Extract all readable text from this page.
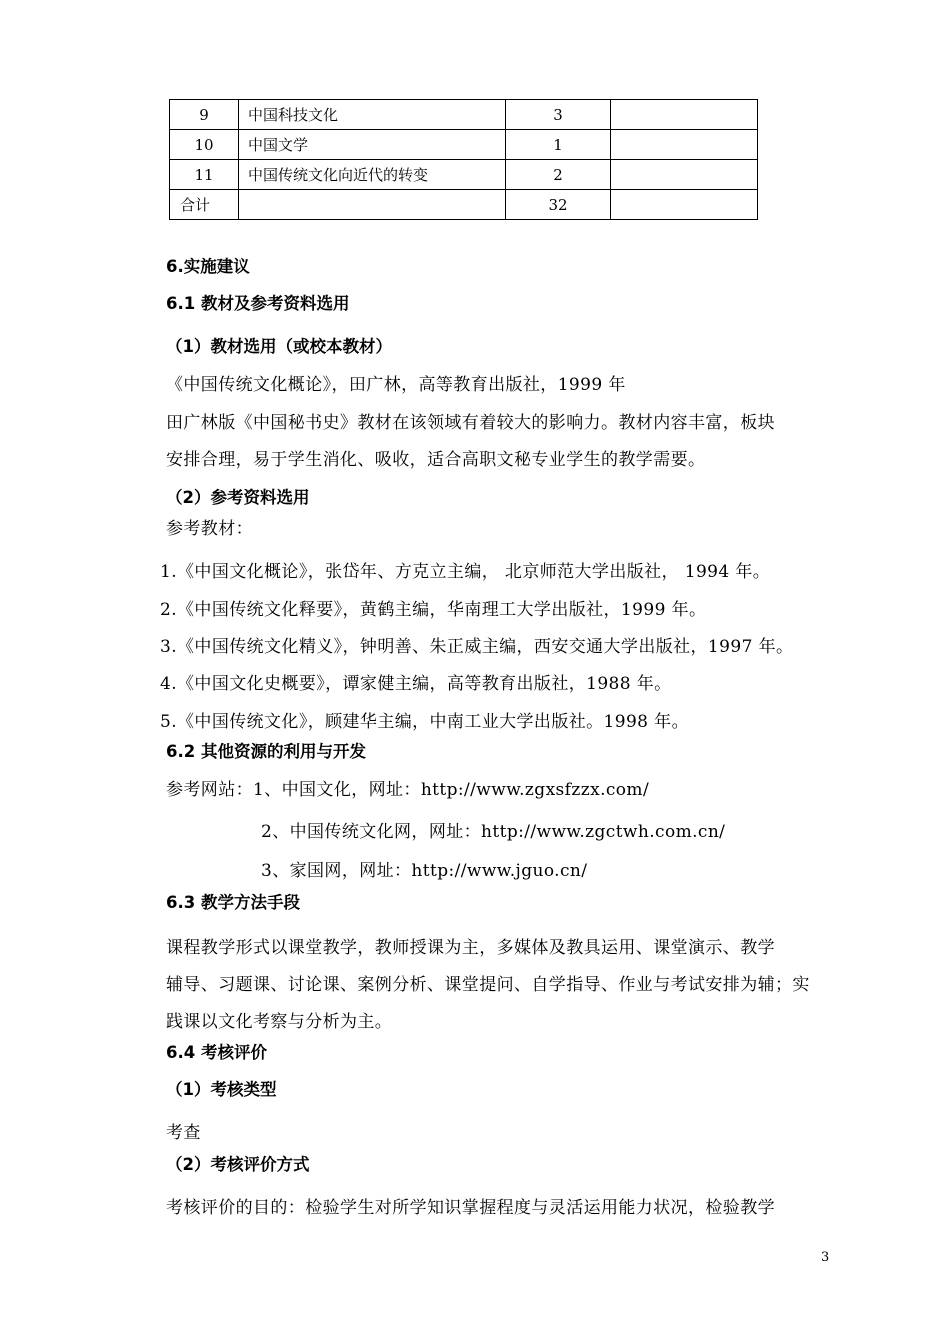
9	中国科技文化	3	
10	中国文学	1	
11	中国传统文化向近代的转变	2	
合计		32	
6.实施建议
6.1 教材及参考资料选用
（1）教材选用（或校本教材）
《中国传统文化概论》，田广林，高等教育出版社，1999 年
田广林版《中国秘书史》教材在该领域有着较大的影响力。教材内容丰富，板块
安排合理，易于学生消化、吸收，适合高职文秘专业学生的教学需要。
（2）参考资料选用
参考教材：
1.《中国文化概论》，张岱年、方克立主编， 北京师范大学出版社， 1994 年。
2.《中国传统文化释要》，黄鹤主编，华南理工大学出版社，1999 年。
3.《中国传统文化精义》，钟明善、朱正威主编，西安交通大学出版社，1997 年。
4.《中国文化史概要》，谭家健主编，高等教育出版社，1988 年。
5.《中国传统文化》，顾建华主编，中南工业大学出版社。1998 年。
6.2 其他资源的利用与开发
参考网站：1、中国文化，网址：http://www.zgxsfzzx.com/
2、中国传统文化网，网址：http://www.zgctwh.com.cn/
3、家国网，网址：http://www.jguo.cn/
6.3 教学方法手段
课程教学形式以课堂教学，教师授课为主，多媒体及教具运用、课堂演示、教学
辅导、习题课、讨论课、案例分析、课堂提问、自学指导、作业与考试安排为辅；实
践课以文化考察与分析为主。
6.4 考核评价
（1）考核类型
考查
（2）考核评价方式
考核评价的目的：检验学生对所学知识掌握程度与灵活运用能力状况，检验教学
3
